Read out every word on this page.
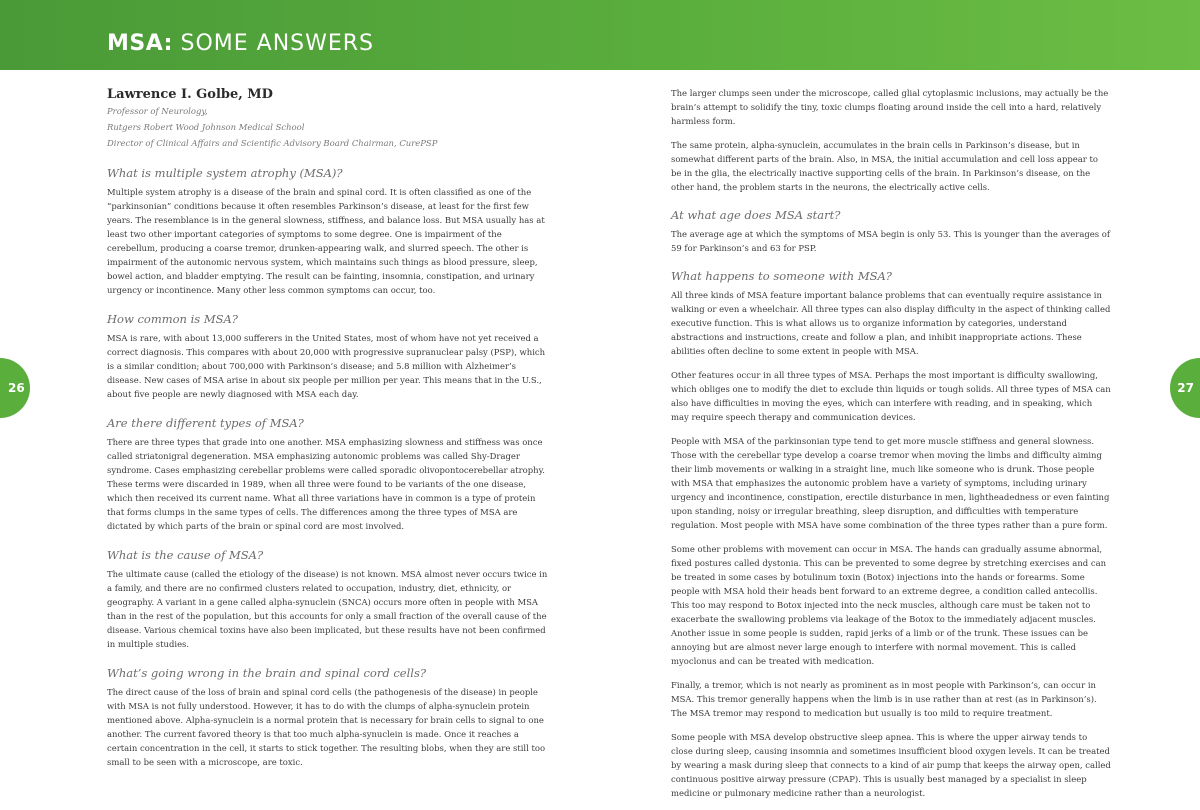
MSA: SOME ANSWERS
26	27
Lawrence I. Golbe, MD
Professor of Neurology,
Rutgers Robert Wood Johnson Medical School
Director of Clinical Affairs and Scientific Advisory Board Chairman, CurePSP
What is multiple system atrophy (MSA)?

Multiple system atrophy is a disease of the brain and spinal cord. It is often classified as one of the “parkinsonian” conditions because it often resembles Parkinson’s disease, at least for the first few years. The resemblance is in the general slowness, stiffness, and balance loss. But MSA usually has at least two other important categories of symptoms to some degree. One is impairment of the cerebellum, producing a coarse tremor, drunken-appearing walk, and slurred speech. The other is impairment of the autonomic nervous system, which maintains such things as blood pressure, sleep, bowel action, and bladder emptying. The result can be fainting, insomnia, constipation, and urinary urgency or incontinence. Many other less common symptoms can occur, too.

How common is MSA?

MSA is rare, with about 13,000 sufferers in the United States, most of whom have not yet received a correct diagnosis. This compares with about 20,000 with progressive supranuclear palsy (PSP), which is a similar condition; about 700,000 with Parkinson’s disease; and 5.8 million with Alzheimer’s disease. New cases of MSA arise in about six people per million per year. This means that in the U.S., about five people are newly diagnosed with MSA each day.

Are there different types of MSA?

There are three types that grade into one another. MSA emphasizing slowness and stiffness was once called striatonigral degeneration. MSA emphasizing autonomic problems was called Shy-Drager syndrome. Cases emphasizing cerebellar problems were called sporadic olivopontocerebellar atrophy. These terms were discarded in 1989, when all three were found to be variants of the one disease, which then received its current name. What all three variations have in common is a type of protein that forms clumps in the same types of cells. The differences among the three types of MSA are dictated by which parts of the brain or spinal cord are most involved.

What is the cause of MSA?

The ultimate cause (called the etiology of the disease) is not known. MSA almost never occurs twice in a family, and there are no confirmed clusters related to occupation, industry, diet, ethnicity, or geography. A variant in a gene called alpha-synuclein (SNCA) occurs more often in people with MSA than in the rest of the population, but this accounts for only a small fraction of the overall cause of the disease. Various chemical toxins have also been implicated, but these results have not been confirmed in multiple studies.

What’s going wrong in the brain and spinal cord cells?

The direct cause of the loss of brain and spinal cord cells (the pathogenesis of the disease) in people with MSA is not fully understood. However, it has to do with the clumps of alpha-synuclein protein mentioned above. Alpha-synuclein is a normal protein that is necessary for brain cells to signal to one another. The current favored theory is that too much alpha-synuclein is made. Once it reaches a certain concentration in the cell, it starts to stick together. The resulting blobs, when they are still too small to be seen with a microscope, are toxic.

The larger clumps seen under the microscope, called glial cytoplasmic inclusions, may actually be the brain’s attempt to solidify the tiny, toxic clumps floating around inside the cell into a hard, relatively harmless form.

The same protein, alpha-synuclein, accumulates in the brain cells in Parkinson’s disease, but in somewhat different parts of the brain. Also, in MSA, the initial accumulation and cell loss appear to be in the glia, the electrically inactive supporting cells of the brain. In Parkinson’s disease, on the other hand, the problem starts in the neurons, the electrically active cells.

At what age does MSA start?

The average age at which the symptoms of MSA begin is only 53. This is younger than the averages of 59 for Parkinson’s and 63 for PSP.

What happens to someone with MSA?

All three kinds of MSA feature important balance problems that can eventually require assistance in walking or even a wheelchair. All three types can also display difficulty in the aspect of thinking called executive function. This is what allows us to organize information by categories, understand abstractions and instructions, create and follow a plan, and inhibit inappropriate actions. These abilities often decline to some extent in people with MSA.

Other features occur in all three types of MSA. Perhaps the most important is difficulty swallowing, which obliges one to modify the diet to exclude thin liquids or tough solids. All three types of MSA can also have difficulties in moving the eyes, which can interfere with reading, and in speaking, which may require speech therapy and communication devices.

People with MSA of the parkinsonian type tend to get more muscle stiffness and general slowness. Those with the cerebellar type develop a coarse tremor when moving the limbs and difficulty aiming their limb movements or walking in a straight line, much like someone who is drunk. Those people with MSA that emphasizes the autonomic problem have a variety of symptoms, including urinary urgency and incontinence, constipation, erectile disturbance in men, lightheadedness or even fainting upon standing, noisy or irregular breathing, sleep disruption, and difficulties with temperature regulation. Most people with MSA have some combination of the three types rather than a pure form.

Some other problems with movement can occur in MSA. The hands can gradually assume abnormal, fixed postures called dystonia. This can be prevented to some degree by stretching exercises and can be treated in some cases by botulinum toxin (Botox) injections into the hands or forearms. Some people with MSA hold their heads bent forward to an extreme degree, a condition called antecollis. This too may respond to Botox injected into the neck muscles, although care must be taken not to exacerbate the swallowing problems via leakage of the Botox to the immediately adjacent muscles. Another issue in some people is sudden, rapid jerks of a limb or of the trunk. These issues can be annoying but are almost never large enough to interfere with normal movement. This is called myoclonus and can be treated with medication.

Finally, a tremor, which is not nearly as prominent as in most people with Parkinson’s, can occur in MSA. This tremor generally happens when the limb is in use rather than at rest (as in Parkinson’s). The MSA tremor may respond to medication but usually is too mild to require treatment.

Some people with MSA develop obstructive sleep apnea. This is where the upper airway tends to close during sleep, causing insomnia and sometimes insufficient blood oxygen levels. It can be treated by wearing a mask during sleep that connects to a kind of air pump that keeps the airway open, called continuous positive airway pressure (CPAP). This is usually best managed by a specialist in sleep medicine or pulmonary medicine rather than a neurologist.
